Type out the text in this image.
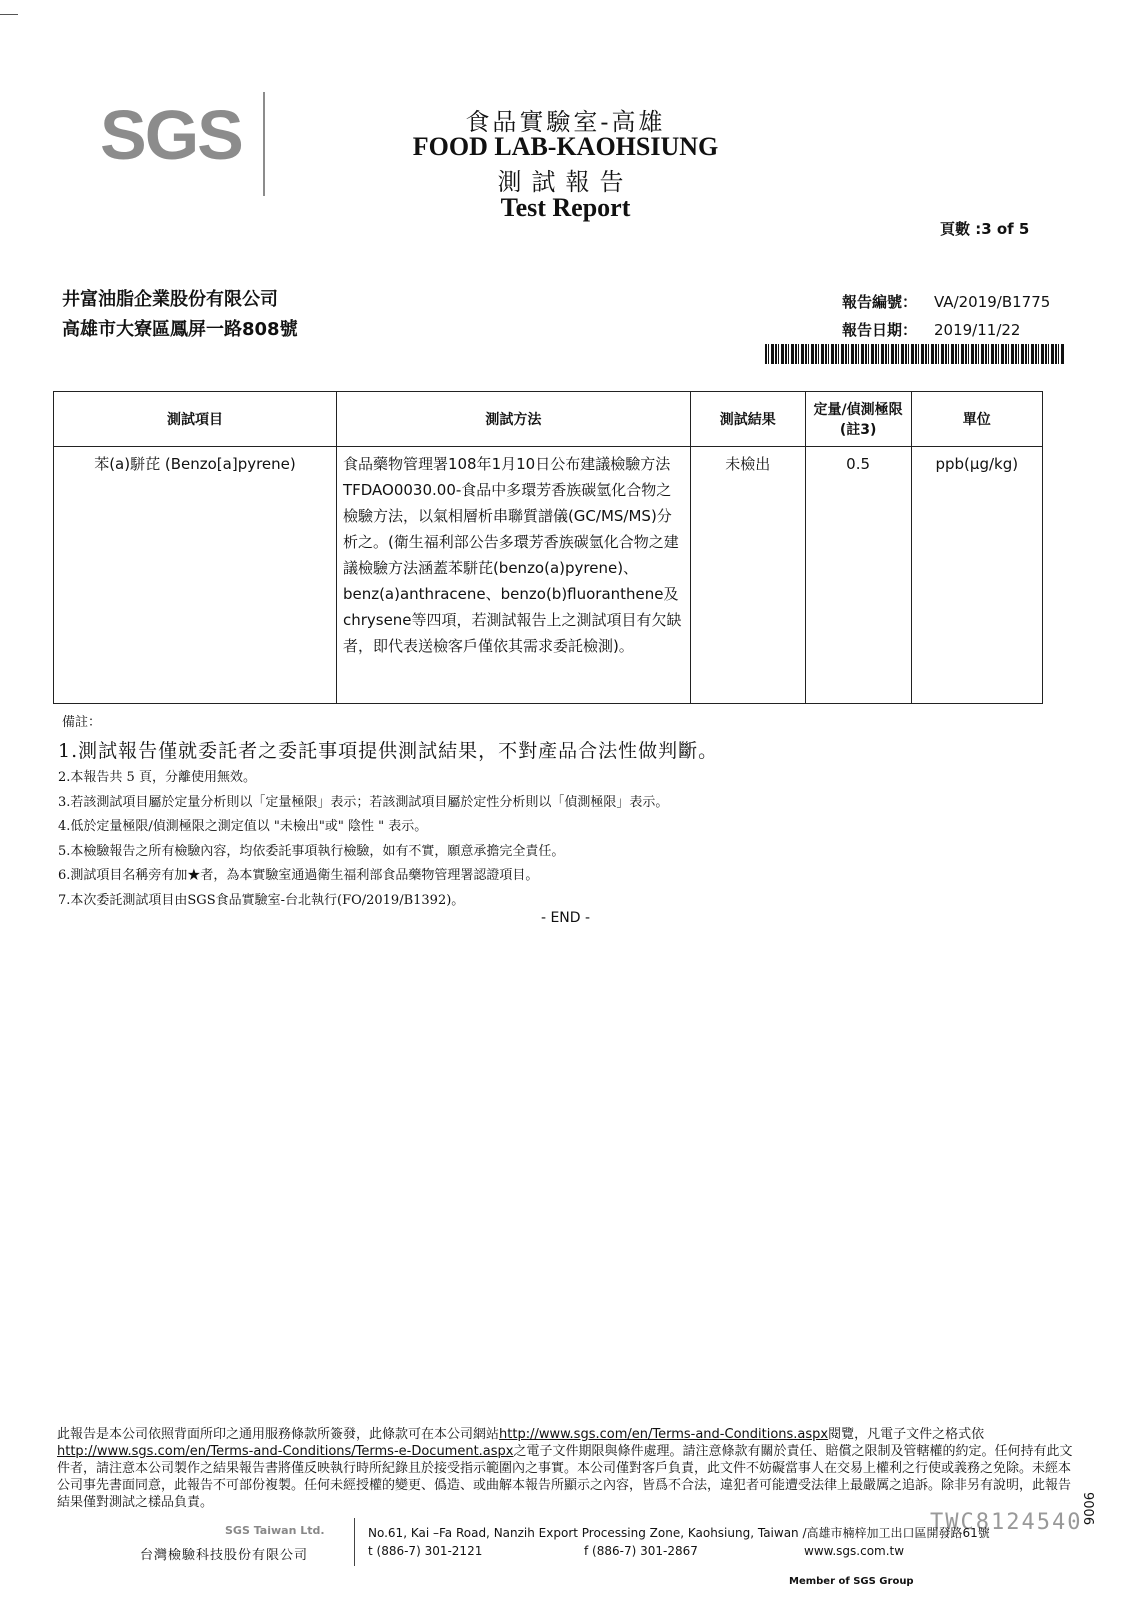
SGS	食品實驗室-高雄
FOOD LAB-KAOHSIUNG
測試報告
Test Report
頁數 :3 of 5
井富油脂企業股份有限公司
高雄市大寮區鳳屏一路808號
報告編號： VA/2019/B1775
報告日期： 2019/11/22
測試項目	測試方法	測試結果	定量/偵測極限(註3)	單位
苯(a)駢芘 (Benzo[a]pyrene)	食品藥物管理署108年1月10日公布建議檢驗方法TFDAO0030.00-食品中多環芳香族碳氫化合物之檢驗方法，以氣相層析串聯質譜儀(GC/MS/MS)分析之。(衛生福利部公告多環芳香族碳氫化合物之建議檢驗方法涵蓋苯駢芘(benzo(a)pyrene)、benz(a)anthracene、benzo(b)fluoranthene及chrysene等四項，若測試報告上之測試項目有欠缺者，即代表送檢客戶僅依其需求委託檢測)。	未檢出	0.5	ppb(μg/kg)
備註：
1.測試報告僅就委託者之委託事項提供測試結果，不對產品合法性做判斷。
2.本報告共 5 頁，分離使用無效。
3.若該測試項目屬於定量分析則以「定量極限」表示；若該測試項目屬於定性分析則以「偵測極限」表示。
4.低於定量極限/偵測極限之測定值以 "未檢出"或" 陰性 " 表示。
5.本檢驗報告之所有檢驗內容，均依委託事項執行檢驗，如有不實，願意承擔完全責任。
6.測試項目名稱旁有加★者，為本實驗室通過衛生福利部食品藥物管理署認證項目。
7.本次委託測試項目由SGS食品實驗室-台北執行(FO/2019/B1392)。
- END -
此報告是本公司依照背面所印之通用服務條款所簽發，此條款可在本公司網站http://www.sgs.com/en/Terms-and-Conditions.aspx閱覽，凡電子文件之格式依http://www.sgs.com/en/Terms-and-Conditions/Terms-e-Document.aspx之電子文件期限與條件處理。請注意條款有關於責任、賠償之限制及管轄權的約定。任何持有此文件者，請注意本公司製作之結果報告書將僅反映執行時所紀錄且於接受指示範圍內之事實。本公司僅對客戶負責，此文件不妨礙當事人在交易上權利之行使或義務之免除。未經本公司事先書面同意，此報告不可部份複製。任何未經授權的變更、僞造、或曲解本報告所顯示之內容，皆爲不合法，違犯者可能遭受法律上最嚴厲之追訴。除非另有說明，此報告結果僅對測試之樣品負責。
TWC8124540
9006
SGS Taiwan Ltd.
台灣檢驗科技股份有限公司
No.61, Kai –Fa Road, Nanzih Export Processing Zone, Kaohsiung, Taiwan /高雄市楠梓加工出口區開發路61號
t (886-7) 301-2121	f (886-7) 301-2867	www.sgs.com.tw
Member of SGS Group
